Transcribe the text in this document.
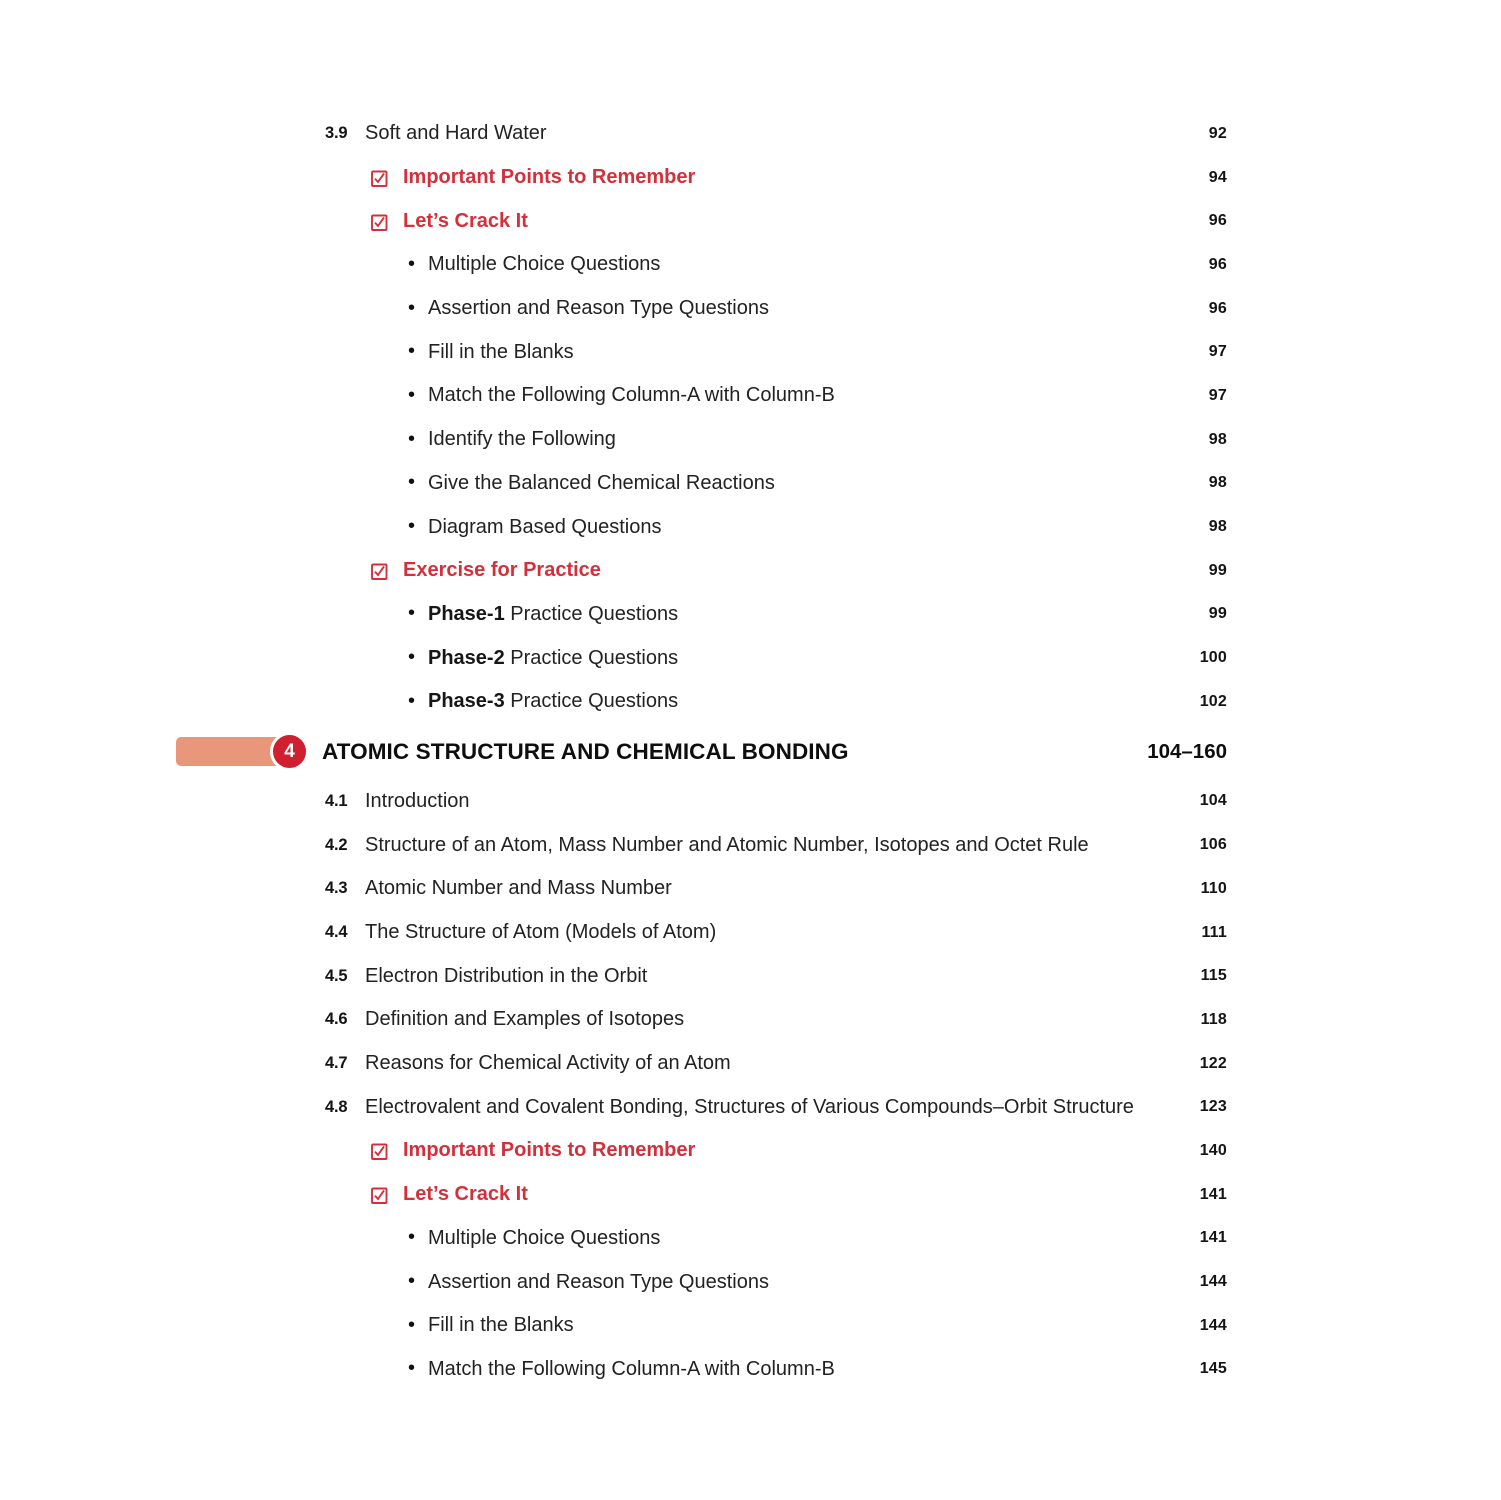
3.9 Soft and Hard Water	92
Important Points to Remember	94
Let’s Crack It	96
• Multiple Choice Questions	96
• Assertion and Reason Type Questions	96
• Fill in the Blanks	97
• Match the Following Column-A with Column-B	97
• Identify the Following	98
• Give the Balanced Chemical Reactions	98
• Diagram Based Questions	98
Exercise for Practice	99
• Phase-1 Practice Questions	99
• Phase-2 Practice Questions	100
• Phase-3 Practice Questions	102
4	ATOMIC STRUCTURE AND CHEMICAL BONDING	104–160
4.1 Introduction	104
4.2 Structure of an Atom, Mass Number and Atomic Number, Isotopes and Octet Rule	106
4.3 Atomic Number and Mass Number	110
4.4 The Structure of Atom (Models of Atom)	111
4.5 Electron Distribution in the Orbit	115
4.6 Definition and Examples of Isotopes	118
4.7 Reasons for Chemical Activity of an Atom	122
4.8 Electrovalent and Covalent Bonding, Structures of Various Compounds–Orbit Structure	123
Important Points to Remember	140
Let’s Crack It	141
• Multiple Choice Questions	141
• Assertion and Reason Type Questions	144
• Fill in the Blanks	144
• Match the Following Column-A with Column-B	145
